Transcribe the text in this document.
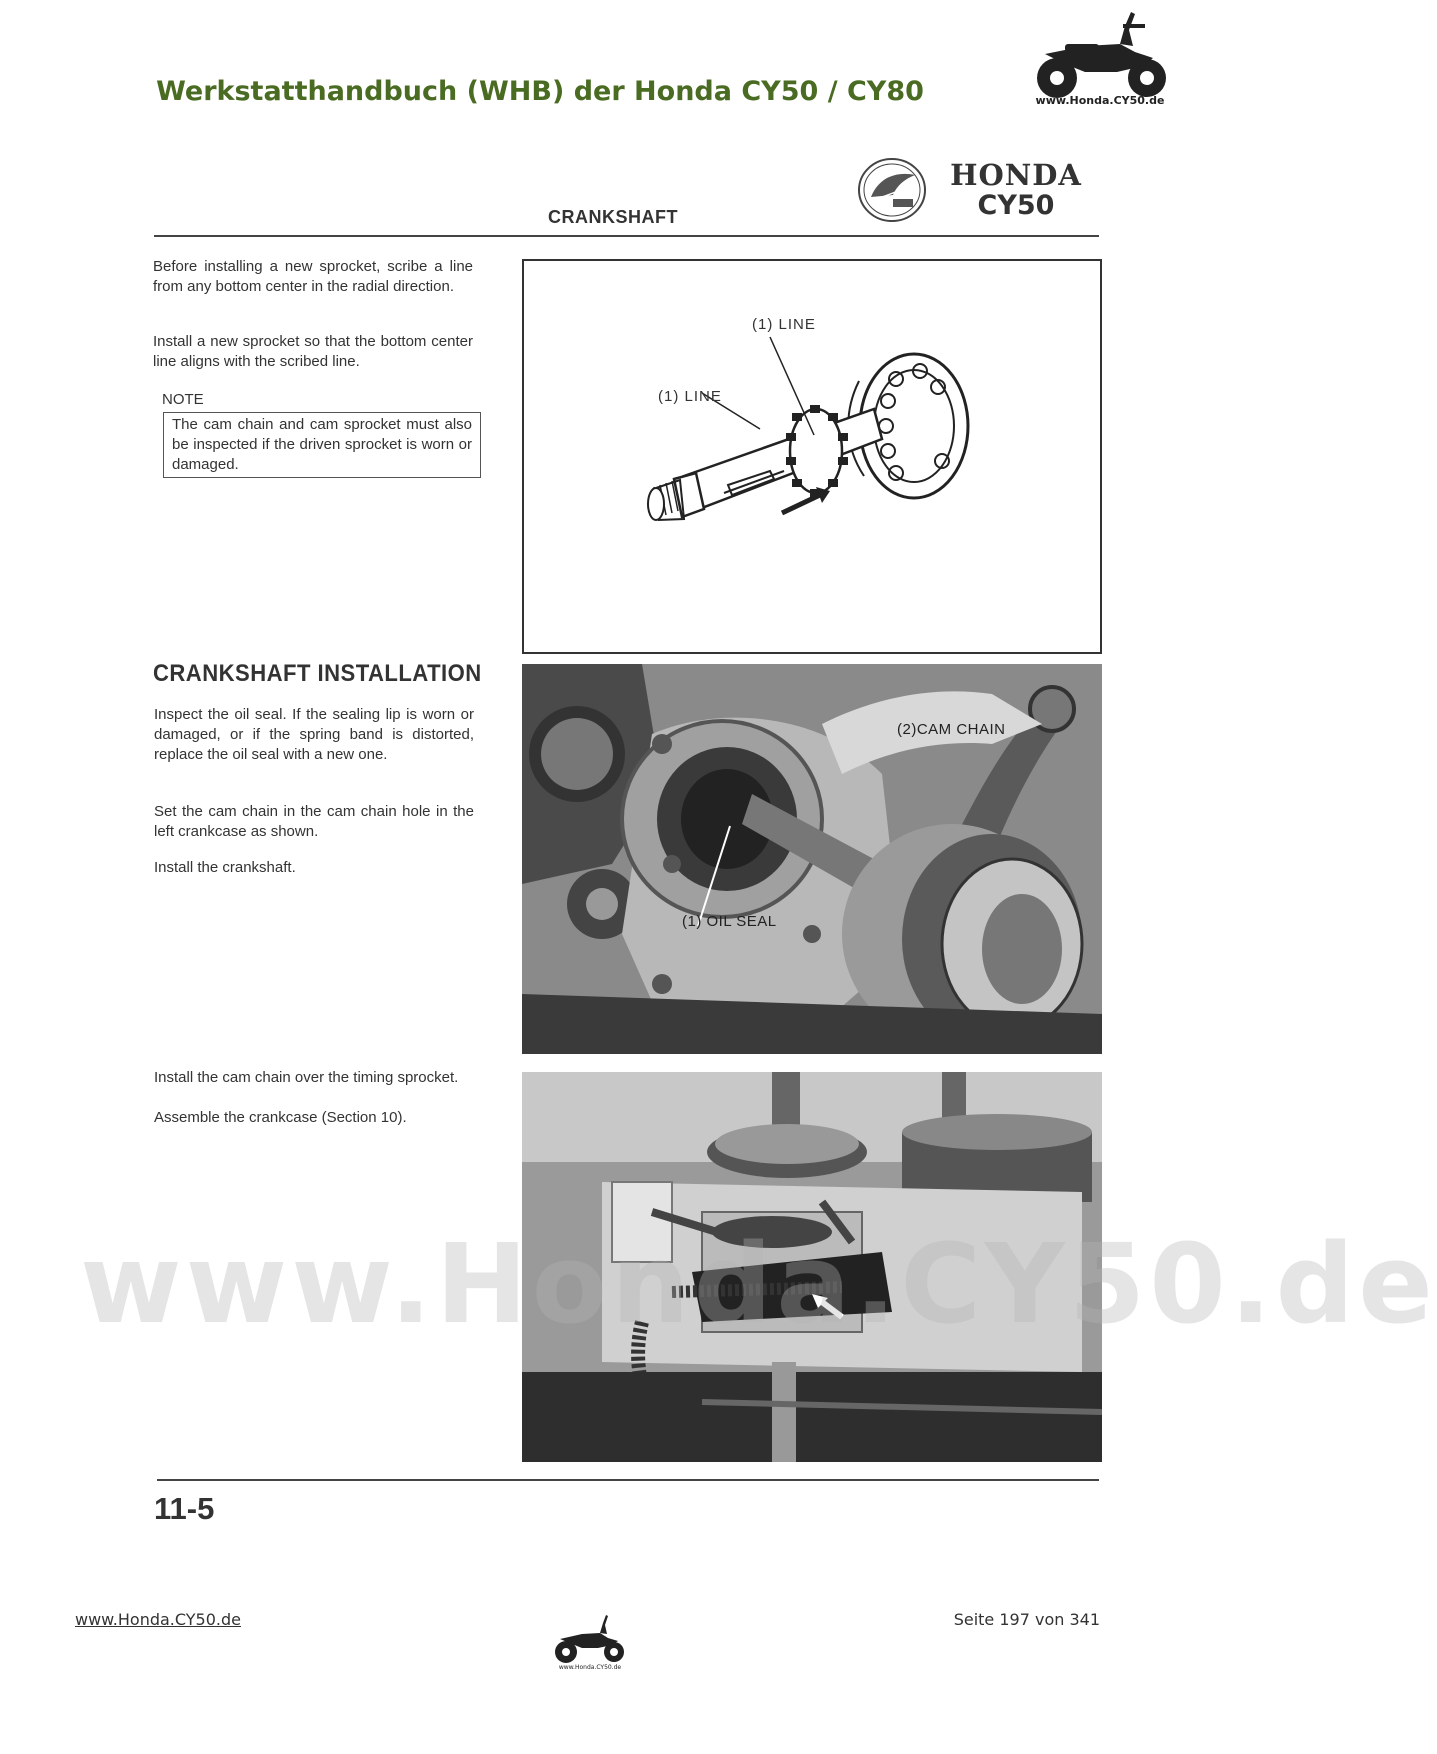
Werkstatthandbuch (WHB) der Honda CY50 / CY80	www.Honda.CY50.de
HONDA
CY50
CRANKSHAFT
Before installing a new sprocket, scribe a line from any bottom center in the radial direction.
Install a new sprocket so that the bottom center line aligns with the scribed line.
NOTE
The cam chain and cam sprocket must also be inspected if the driven sprocket is worn or damaged.
CRANKSHAFT INSTALLATION
Inspect the oil seal. If the sealing lip is worn or damaged, or if the spring band is distorted, replace the oil seal with a new one.
Set the cam chain in the cam chain hole in the left crankcase as shown.
Install the crankshaft.
Install the cam chain over the timing sprocket.
Assemble the crankcase (Section 10).
(1) LINE
(1) LINE
(1) OIL SEAL
(2)CAM CHAIN
11-5
www.Honda.CY50.de
www.Honda.CY50.de
www.Honda.CY50.de
Seite 197 von 341
